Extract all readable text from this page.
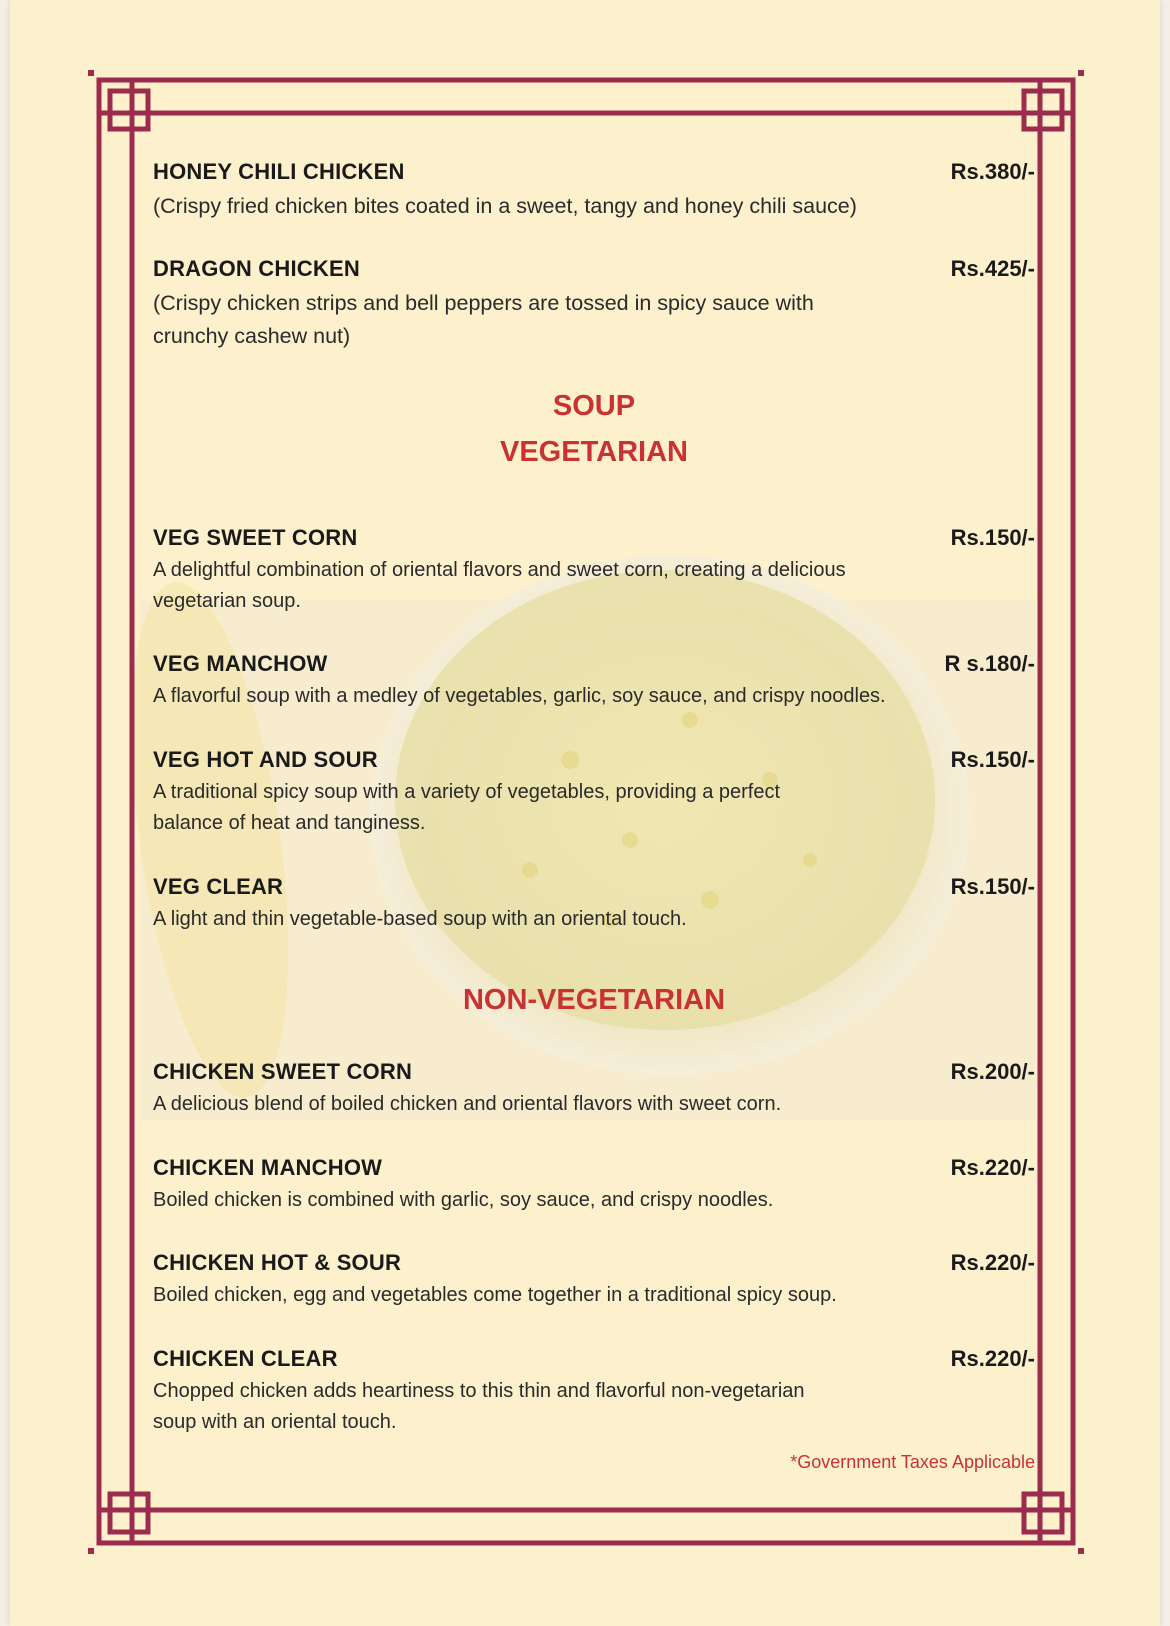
HONEY CHILI CHICKEN	Rs.380/-
(Crispy fried chicken bites coated in a sweet, tangy and honey chili sauce)
DRAGON CHICKEN	Rs.425/-
(Crispy chicken strips and bell peppers are tossed in spicy sauce with crunchy cashew nut)
SOUP
VEGETARIAN
VEG SWEET CORN	Rs.150/-
A delightful combination of oriental flavors and sweet corn, creating a delicious vegetarian soup.
VEG MANCHOW	R s.180/-
A flavorful soup with a medley of vegetables, garlic, soy sauce, and crispy noodles.
VEG HOT AND SOUR	Rs.150/-
A traditional spicy soup with a variety of vegetables, providing a perfect balance of heat and tanginess.
VEG CLEAR	Rs.150/-
A light and thin vegetable-based soup with an oriental touch.
NON-VEGETARIAN
CHICKEN SWEET CORN	Rs.200/-
A delicious blend of boiled chicken and oriental flavors with sweet corn.
CHICKEN MANCHOW	Rs.220/-
Boiled chicken is combined with garlic, soy sauce, and crispy noodles.
CHICKEN HOT & SOUR	Rs.220/-
Boiled chicken, egg and vegetables come together in a traditional spicy soup.
CHICKEN CLEAR	Rs.220/-
Chopped chicken adds heartiness to this thin and flavorful non-vegetarian soup with an oriental touch.
*Government Taxes Applicable
